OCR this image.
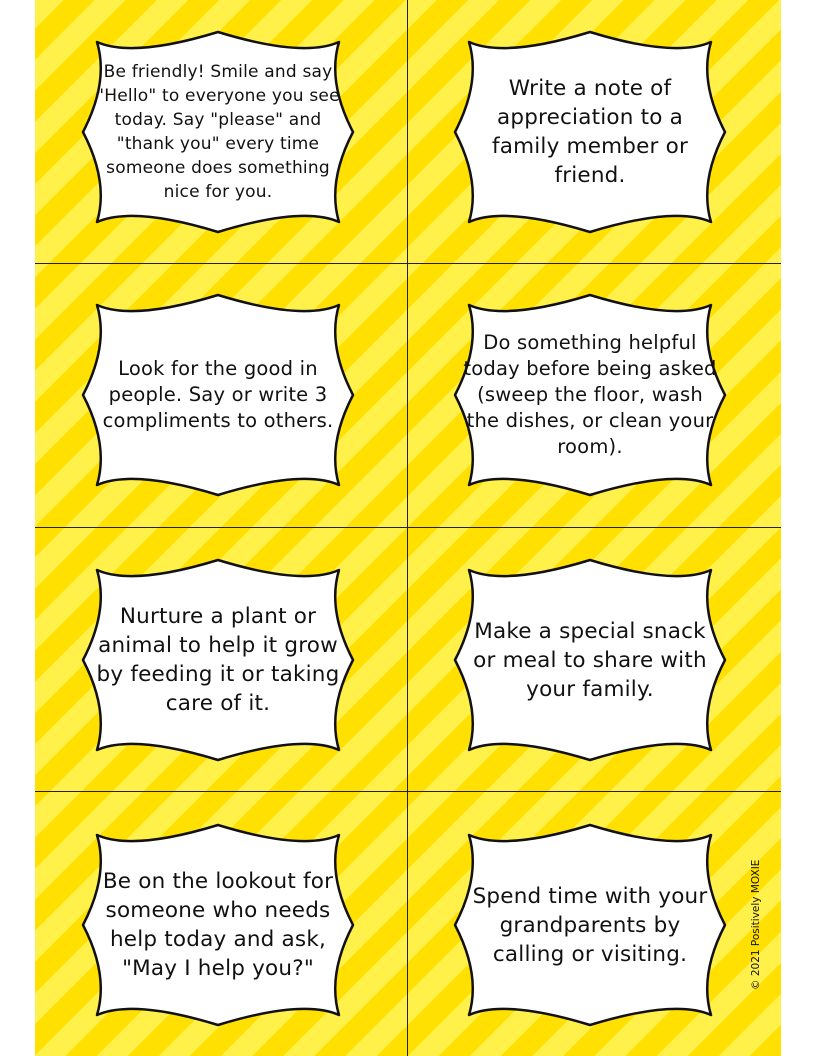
Be friendly! Smile and say "Hello" to everyone you see today. Say "please" and "thank you" every time someone does something nice for you.
Write a note of appreciation to a family member or friend.
Look for the good in people. Say or write 3 compliments to others.
Do something helpful today before being asked (sweep the floor, wash the dishes, or clean your room).
Nurture a plant or animal to help it grow by feeding it or taking care of it.
Make a special snack or meal to share with your family.
Be on the lookout for someone who needs help today and ask, "May I help you?"
Spend time with your grandparents by calling or visiting.	© 2021 Positively MOXIE
